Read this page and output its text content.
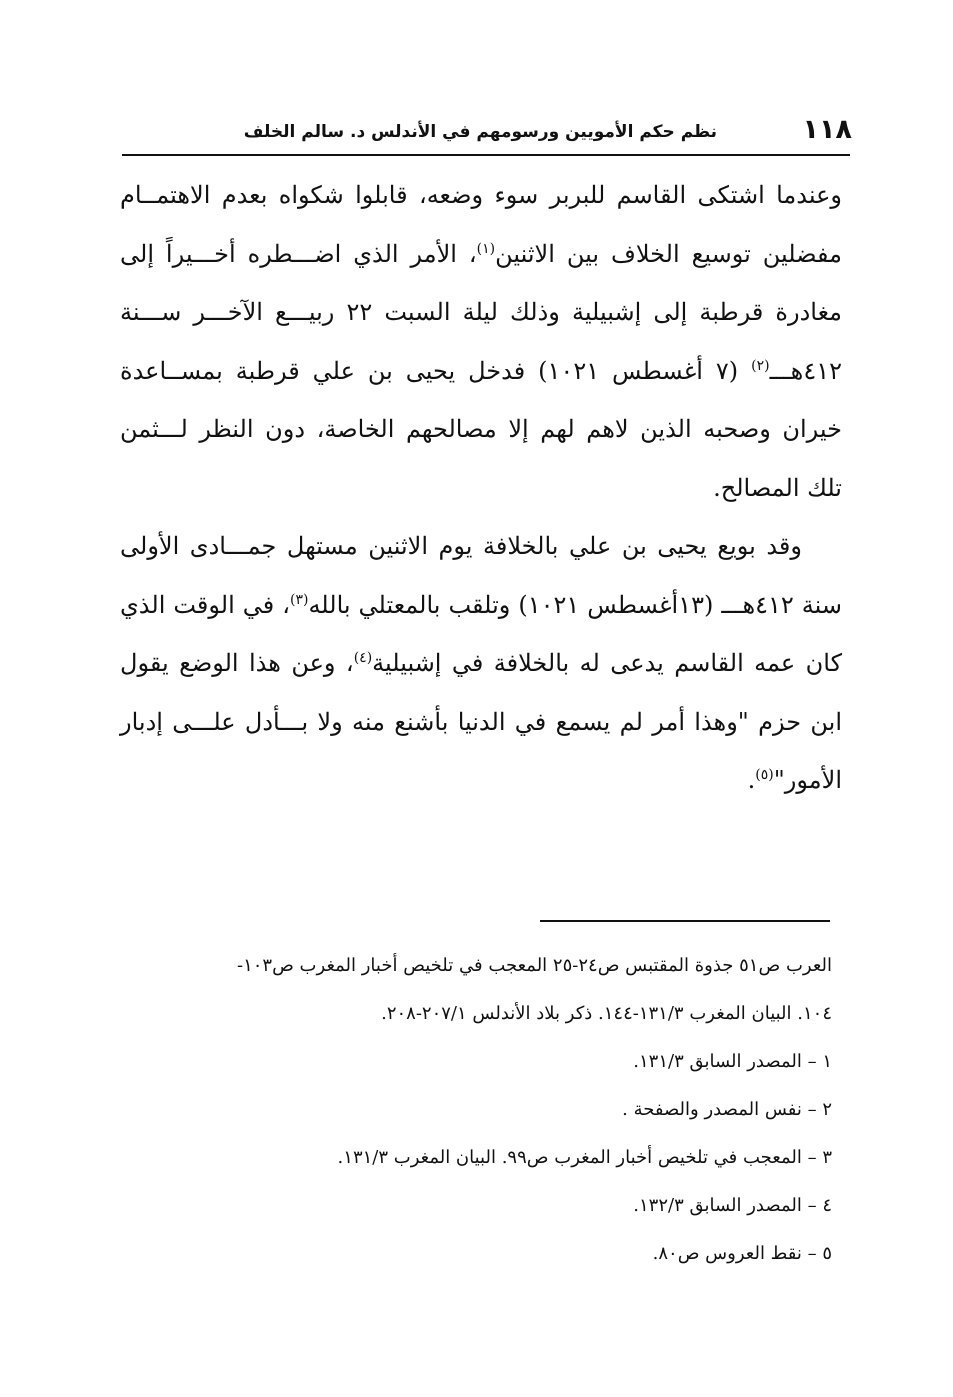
١١٨
نظم حكم الأمويين ورسومهم في الأندلس د. سالم الخلف

وعندما اشتكى القاسم للبربر سوء وضعه، قابلوا شكواه بعدم الاهتمــام مفضلين توسيع الخلاف بين الاثنين$^{(١)}$، الأمر الذي اضـــطره أخـــيراً إلى مغادرة قرطبة إلى إشبيلية وذلك ليلة السبت ٢٢ ربيـــع الآخـــر ســـنة ٤١٢هـــ$^{(٢)}$ (٧ أغسطس ١٠٢١) فدخل يحيى بن علي قرطبة بمســاعدة خيران وصحبه الذين لاهم لهم إلا مصالحهم الخاصة، دون النظر لـــثمن تلك المصالح.

وقد بويع يحيى بن علي بالخلافة يوم الاثنين مستهل جمـــادى الأولى سنة ٤١٢هـــ (١٣أغسطس ١٠٢١) وتلقب بالمعتلي بالله$^{(٣)}$، في الوقت الذي كان عمه القاسم يدعى له بالخلافة في إشبيلية$^{(٤)}$، وعن هذا الوضع يقول ابن حزم "وهذا أمر لم يسمع في الدنيا بأشنع منه ولا بـــأدل علـــى إدبار الأمور"$^{(٥)}$.

العرب ص٥١ جذوة المقتبس ص٢٤-٢٥ المعجب في تلخيص أخبار المغرب ص١٠٣-

١٠٤. البيان المغرب ١٣١/٣-١٤٤. ذكر بلاد الأندلس ٢٠٧/١-٢٠٨.

١ – المصدر السابق ١٣١/٣.

٢ – نفس المصدر والصفحة .

٣ – المعجب في تلخيص أخبار المغرب ص٩٩. البيان المغرب ١٣١/٣.

٤ – المصدر السابق ١٣٢/٣.

٥ – نقط العروس ص٨٠.
